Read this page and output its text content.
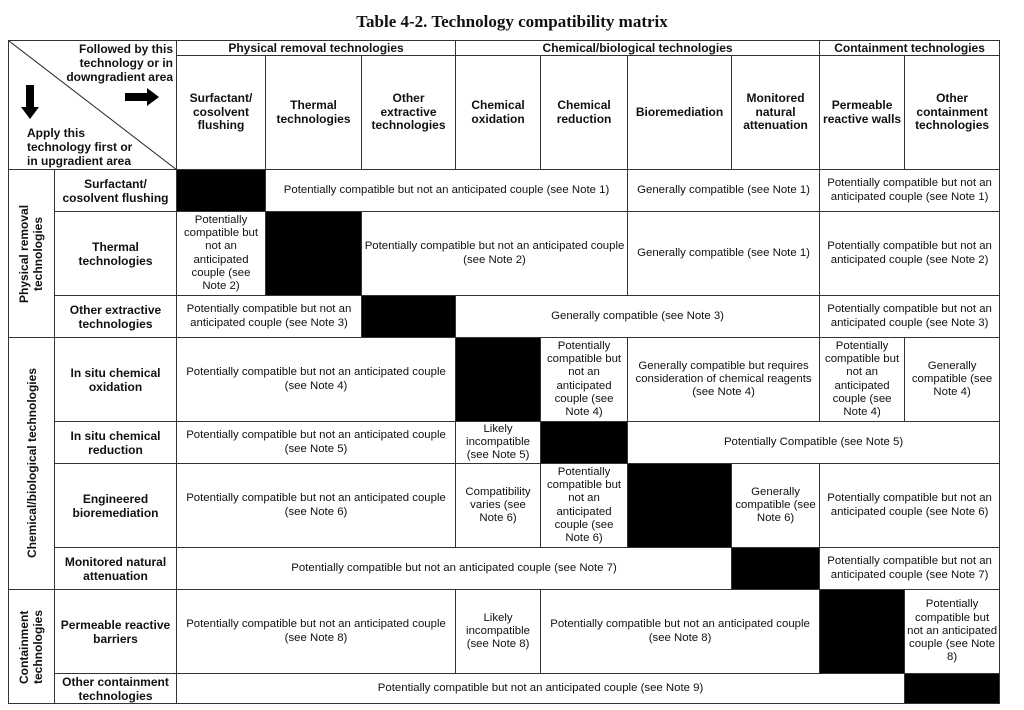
Table 4-2. Technology compatibility matrix
Followed by this technology or in downgradient area
Apply this technology first or in upgradient area		Physical removal technologies			Chemical/biological technologies				Containment technologies	
		Surfactant/ cosolvent flushing	Thermal technologies	Other extractive technologies	Chemical oxidation	Chemical reduction	Bioremediation	Monitored natural attenuation	Permeable reactive walls	Other containment technologies

Physical removal technologies	Surfactant/ cosolvent flushing		Potentially compatible but not an anticipated couple (see Note 1)				Generally compatible (see Note 1)		Potentially compatible but not an anticipated couple (see Note 1)	
	Thermal technologies	Potentially compatible but not an anticipated couple (see Note 2)		Potentially compatible but not an anticipated couple (see Note 2)			Generally compatible (see Note 1)		Potentially compatible but not an anticipated couple (see Note 2)	
	Other extractive technologies	Potentially compatible but not an anticipated couple (see Note 3)			Generally compatible (see Note 3)				Potentially compatible but not an anticipated couple (see Note 3)	

Chemical/biological technologies	In situ chemical oxidation	Potentially compatible but not an anticipated couple (see Note 4)				Potentially compatible but not an anticipated couple (see Note 4)	Generally compatible but requires consideration of chemical reagents (see Note 4)		Potentially compatible but not an anticipated couple (see Note 4)	Generally compatible (see Note 4)
	In situ chemical reduction	Potentially compatible but not an anticipated couple (see Note 5)			Likely incompatible (see Note 5)		Potentially Compatible (see Note 5)			
	Engineered bioremediation	Potentially compatible but not an anticipated couple (see Note 6)			Compatibility varies (see Note 6)	Potentially compatible but not an anticipated couple (see Note 6)		Generally compatible (see Note 6)	Potentially compatible but not an anticipated couple (see Note 6)	
	Monitored natural attenuation	Potentially compatible but not an anticipated couple (see Note 7)							Potentially compatible but not an anticipated couple (see Note 7)	

Containment technologies	Permeable reactive barriers	Potentially compatible but not an anticipated couple (see Note 8)			Likely incompatible (see Note 8)	Potentially compatible but not an anticipated couple (see Note 8)				Potentially compatible but not an anticipated couple (see Note 8)
	Other containment technologies	Potentially compatible but not an anticipated couple (see Note 9)								
